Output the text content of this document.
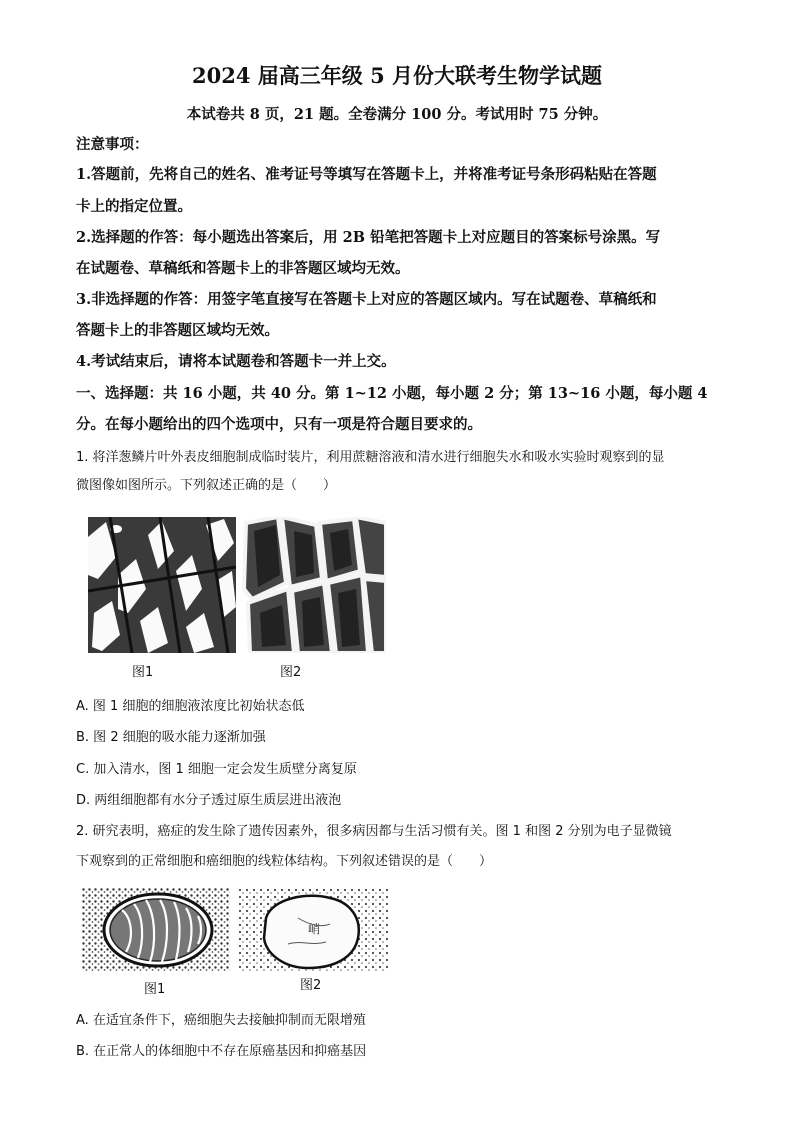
2024 届高三年级 5 月份大联考生物学试题
本试卷共 8 页，21 题。全卷满分 100 分。考试用时 75 分钟。
注意事项：
1.答题前，先将自己的姓名、准考证号等填写在答题卡上，并将准考证号条形码粘贴在答题
卡上的指定位置。
2.选择题的作答：每小题选出答案后，用 2B 铅笔把答题卡上对应题目的答案标号涂黑。写
在试题卷、草稿纸和答题卡上的非答题区域均无效。
3.非选择题的作答：用签字笔直接写在答题卡上对应的答题区域内。写在试题卷、草稿纸和
答题卡上的非答题区域均无效。
4.考试结束后，请将本试题卷和答题卡一并上交。
一、选择题：共 16 小题，共 40 分。第 1~12 小题，每小题 2 分；第 13~16 小题，每小题 4
分。在每小题给出的四个选项中，只有一项是符合题目要求的。
1. 将洋葱鳞片叶外表皮细胞制成临时装片，利用蔗糖溶液和清水进行细胞失水和吸水实验时观察到的显
微图像如图所示。下列叙述正确的是（　　）
图1	图2
A. 图 1 细胞的细胞液浓度比初始状态低
B. 图 2 细胞的吸水能力逐渐加强
C. 加入清水，图 1 细胞一定会发生质壁分离复原
D. 两组细胞都有水分子透过原生质层进出液泡
2. 研究表明，癌症的发生除了遗传因素外，很多病因都与生活习惯有关。图 1 和图 2 分别为电子显微镜
下观察到的正常细胞和癌细胞的线粒体结构。下列叙述错误的是（　　）
峭
图1	图2
A. 在适宜条件下，癌细胞失去接触抑制而无限增殖
B. 在正常人的体细胞中不存在原癌基因和抑癌基因
